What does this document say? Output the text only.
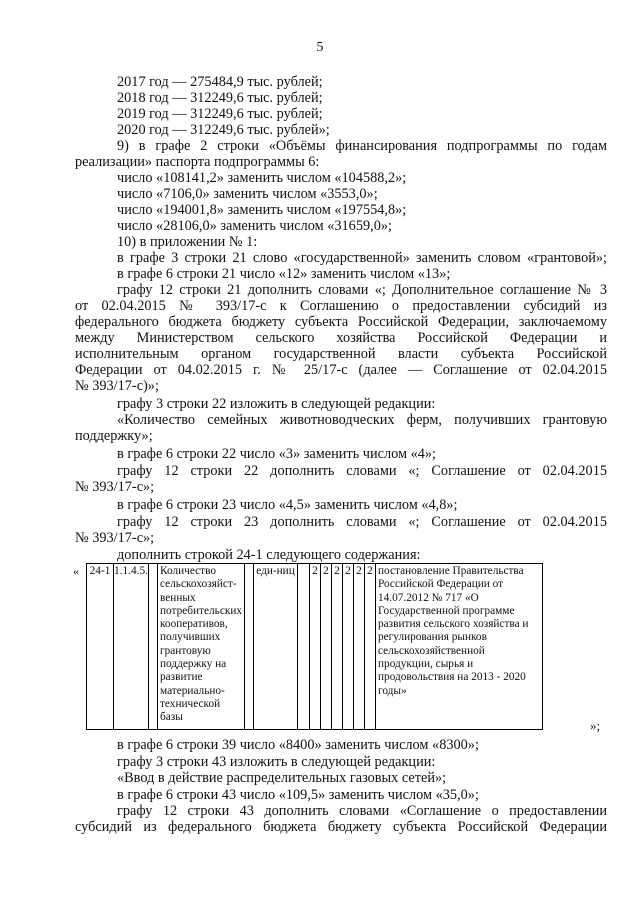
5
2017 год — 275484,9 тыс. рублей;
2018 год — 312249,6 тыс. рублей;
2019 год — 312249,6 тыс. рублей;
2020 год — 312249,6 тыс. рублей»;
9) в графе 2 строки «Объёмы финансирования подпрограммы по годам
реализации» паспорта подпрограммы 6:
число «108141,2» заменить числом «104588,2»;
число «7106,0» заменить числом «3553,0»;
число «194001,8» заменить числом «197554,8»;
число «28106,0» заменить числом «31659,0»;
10) в приложении № 1:
в графе 3 строки 21 слово «государственной» заменить словом «грантовой»;
в графе 6 строки 21 число «12» заменить числом «13»;
графу 12 строки 21 дополнить словами «; Дополнительное соглашение № 3
от 02.04.2015 № 393/17-с к Соглашению о предоставлении субсидий из
федерального бюджета бюджету субъекта Российской Федерации, заключаемому
между Министерством сельского хозяйства Российской Федерации и
исполнительным органом государственной власти субъекта Российской
Федерации от 04.02.2015 г. № 25/17-с (далее — Соглашение от 02.04.2015
№ 393/17-с)»;
графу 3 строки 22 изложить в следующей редакции:
«Количество семейных животноводческих ферм, получивших грантовую
поддержку»;
в графе 6 строки 22 число «3» заменить числом «4»;
графу 12 строки 22 дополнить словами «; Соглашение от 02.04.2015
№ 393/17-с»;
в графе 6 строки 23 число «4,5» заменить числом «4,8»;
графу 12 строки 23 дополнить словами «; Соглашение от 02.04.2015
№ 393/17-с»;
дополнить строкой 24-1 следующего содержания:
« 24-1	1.1.4.5.		Количество сельскохозяйст-венных потребительских кооперативов, получивших грантовую поддержку на развитие материально-технической базы		еди-ниц		2	2	2	2	2	2	постановление Правительства Российской Федерации от 14.07.2012 № 717 «О Государственной программе развития сельского хозяйства и регулирования рынков сельскохозяйственной продукции, сырья и продовольствия на 2013 - 2020 годы»
»;
в графе 6 строки 39 число «8400» заменить числом «8300»;
графу 3 строки 43 изложить в следующей редакции:
«Ввод в действие распределительных газовых сетей»;
в графе 6 строки 43 число «109,5» заменить числом «35,0»;
графу 12 строки 43 дополнить словами «Соглашение о предоставлении
субсидий из федерального бюджета бюджету субъекта Российской Федерации
